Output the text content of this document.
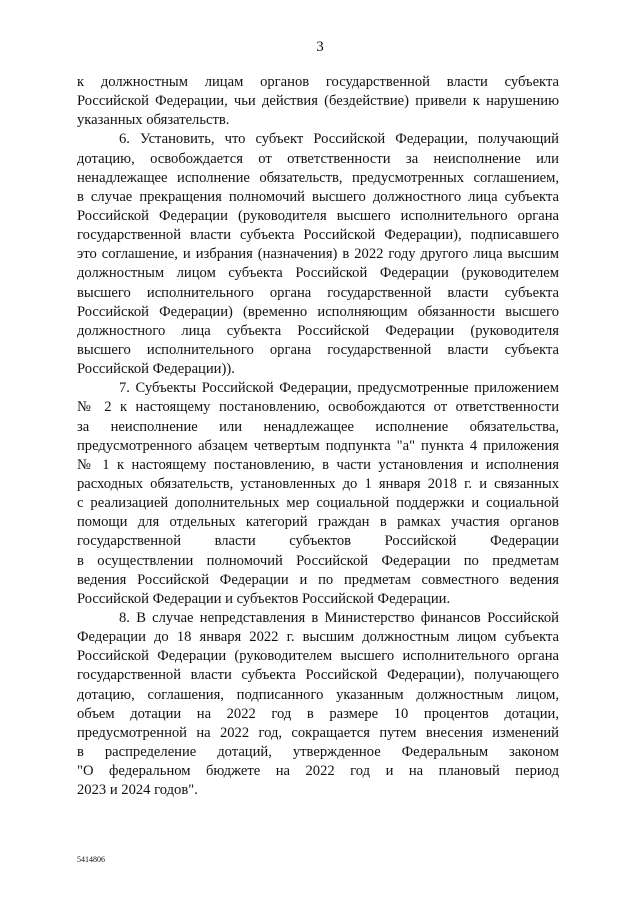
3
к должностным лицам органов государственной власти субъекта
Российской Федерации, чьи действия (бездействие) привели к нарушению
указанных обязательств.
6. Установить, что субъект Российской Федерации, получающий
дотацию, освобождается от ответственности за неисполнение или
ненадлежащее исполнение обязательств, предусмотренных соглашением,
в случае прекращения полномочий высшего должностного лица субъекта
Российской Федерации (руководителя высшего исполнительного органа
государственной власти субъекта Российской Федерации), подписавшего
это соглашение, и избрания (назначения) в 2022 году другого лица высшим
должностным лицом субъекта Российской Федерации (руководителем
высшего исполнительного органа государственной власти субъекта
Российской Федерации) (временно исполняющим обязанности высшего
должностного лица субъекта Российской Федерации (руководителя
высшего исполнительного органа государственной власти субъекта
Российской Федерации)).
7. Субъекты Российской Федерации, предусмотренные приложением
№ 2 к настоящему постановлению, освобождаются от ответственности
за неисполнение или ненадлежащее исполнение обязательства,
предусмотренного абзацем четвертым подпункта "а" пункта 4 приложения
№ 1 к настоящему постановлению, в части установления и исполнения
расходных обязательств, установленных до 1 января 2018 г. и связанных
с реализацией дополнительных мер социальной поддержки и социальной
помощи для отдельных категорий граждан в рамках участия органов
государственной власти субъектов Российской Федерации
в осуществлении полномочий Российской Федерации по предметам
ведения Российской Федерации и по предметам совместного ведения
Российской Федерации и субъектов Российской Федерации.
8. В случае непредставления в Министерство финансов Российской
Федерации до 18 января 2022 г. высшим должностным лицом субъекта
Российской Федерации (руководителем высшего исполнительного органа
государственной власти субъекта Российской Федерации), получающего
дотацию, соглашения, подписанного указанным должностным лицом,
объем дотации на 2022 год в размере 10 процентов дотации,
предусмотренной на 2022 год, сокращается путем внесения изменений
в распределение дотаций, утвержденное Федеральным законом
"О федеральном бюджете на 2022 год и на плановый период
2023 и 2024 годов".
5414806
